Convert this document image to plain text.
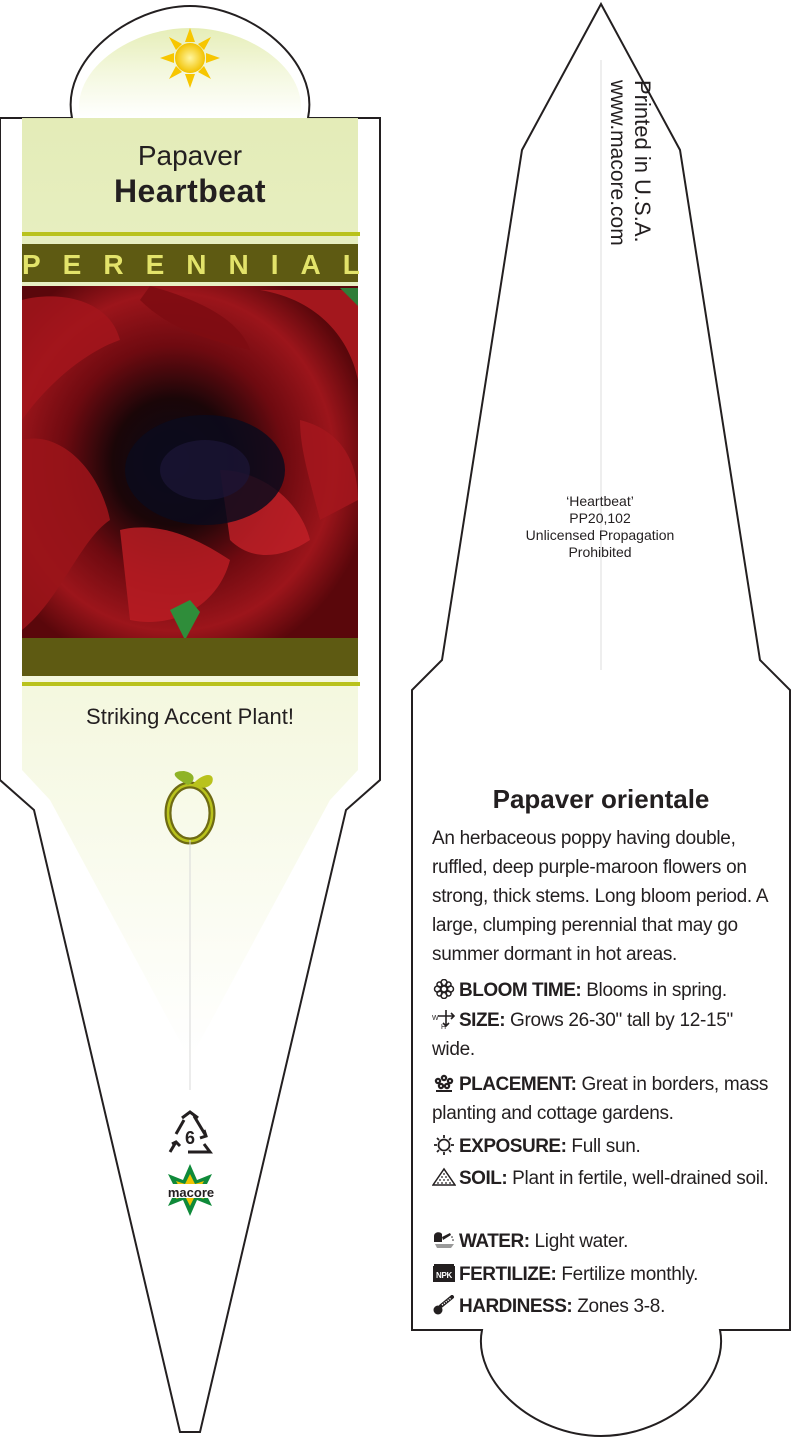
Papaver
Heartbeat
PERENNIAL
Striking Accent Plant!
6
macore
Printed in U.S.A.
www.macore.com
‘Heartbeat’
PP20,102
Unlicensed Propagation
Prohibited
Papaver orientale
An herbaceous poppy having double, ruffled, deep purple-maroon flowers on strong, thick stems. Long bloom period. A large, clumping perennial that may go summer dormant in hot areas.
BLOOM TIME: Blooms in spring.
W
H SIZE: Grows 26-30" tall by 12-15" wide.
PLACEMENT: Great in borders, mass planting and cottage gardens.
EXPOSURE: Full sun.
SOIL: Plant in fertile, well-drained soil.
WATER: Light water.
NPK FERTILIZE: Fertilize monthly.
HARDINESS: Zones 3-8.
